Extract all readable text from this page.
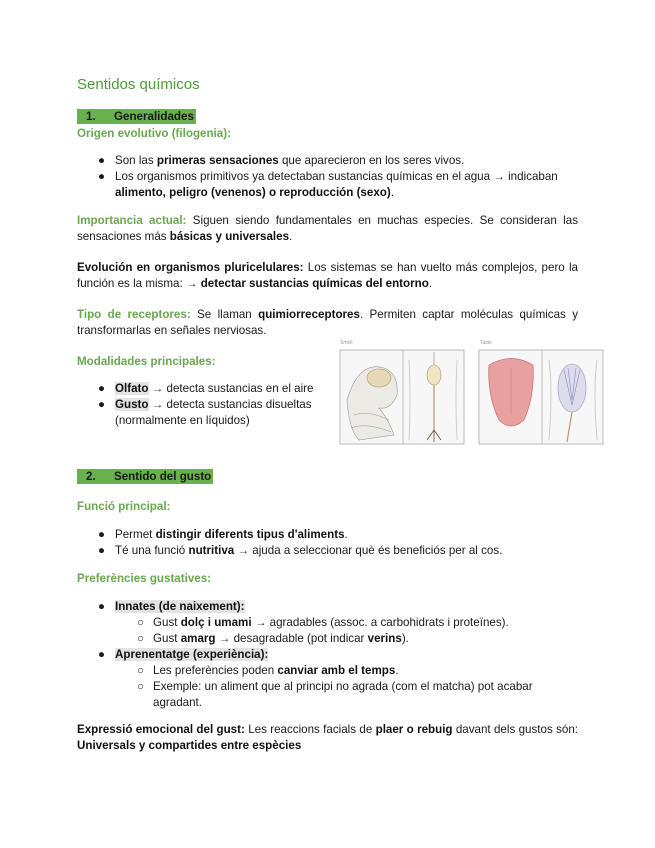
Sentidos químicos
1. Generalidades
Origen evolutivo (filogenia):
● Son las primeras sensaciones que aparecieron en los seres vivos.
● Los organismos primitivos ya detectaban sustancias químicas en el agua → indicaban
alimento, peligro (venenos) o reproducción (sexo).
Importancia actual: Siguen siendo fundamentales en muchas especies. Se consideran las sensaciones más básicas y universales.
Evolución en organismos pluricelulares: Los sistemas se han vuelto más complejos, pero la función es la misma: → detectar sustancias químicas del entorno.
Tipo de receptores: Se llaman quimiorreceptores. Permiten captar moléculas químicas y transformarlas en señales nerviosas.
Modalidades principales:
● Olfato → detecta sustancias en el aire
● Gusto → detecta sustancias disueltas
(normalmente en líquidos)
Smell	Taste
2. Sentido del gusto
Funció principal:
● Permet distingir diferents tipus d'aliments.
● Té una funció nutritiva → ajuda a seleccionar què és beneficiós per al cos.
Preferències gustatives:
● Innates (de naixement):
○ Gust dolç i umami → agradables (assoc. a carbohidrats i proteïnes).
○ Gust amarg → desagradable (pot indicar verins).
● Aprenentatge (experiència):
○ Les preferències poden canviar amb el temps.
○ Exemple: un aliment que al principi no agrada (com el matcha) pot acabar
agradant.
Expressió emocional del gust: Les reaccions facials de plaer o rebuig davant dels gustos són: Universals y compartides entre espècies
